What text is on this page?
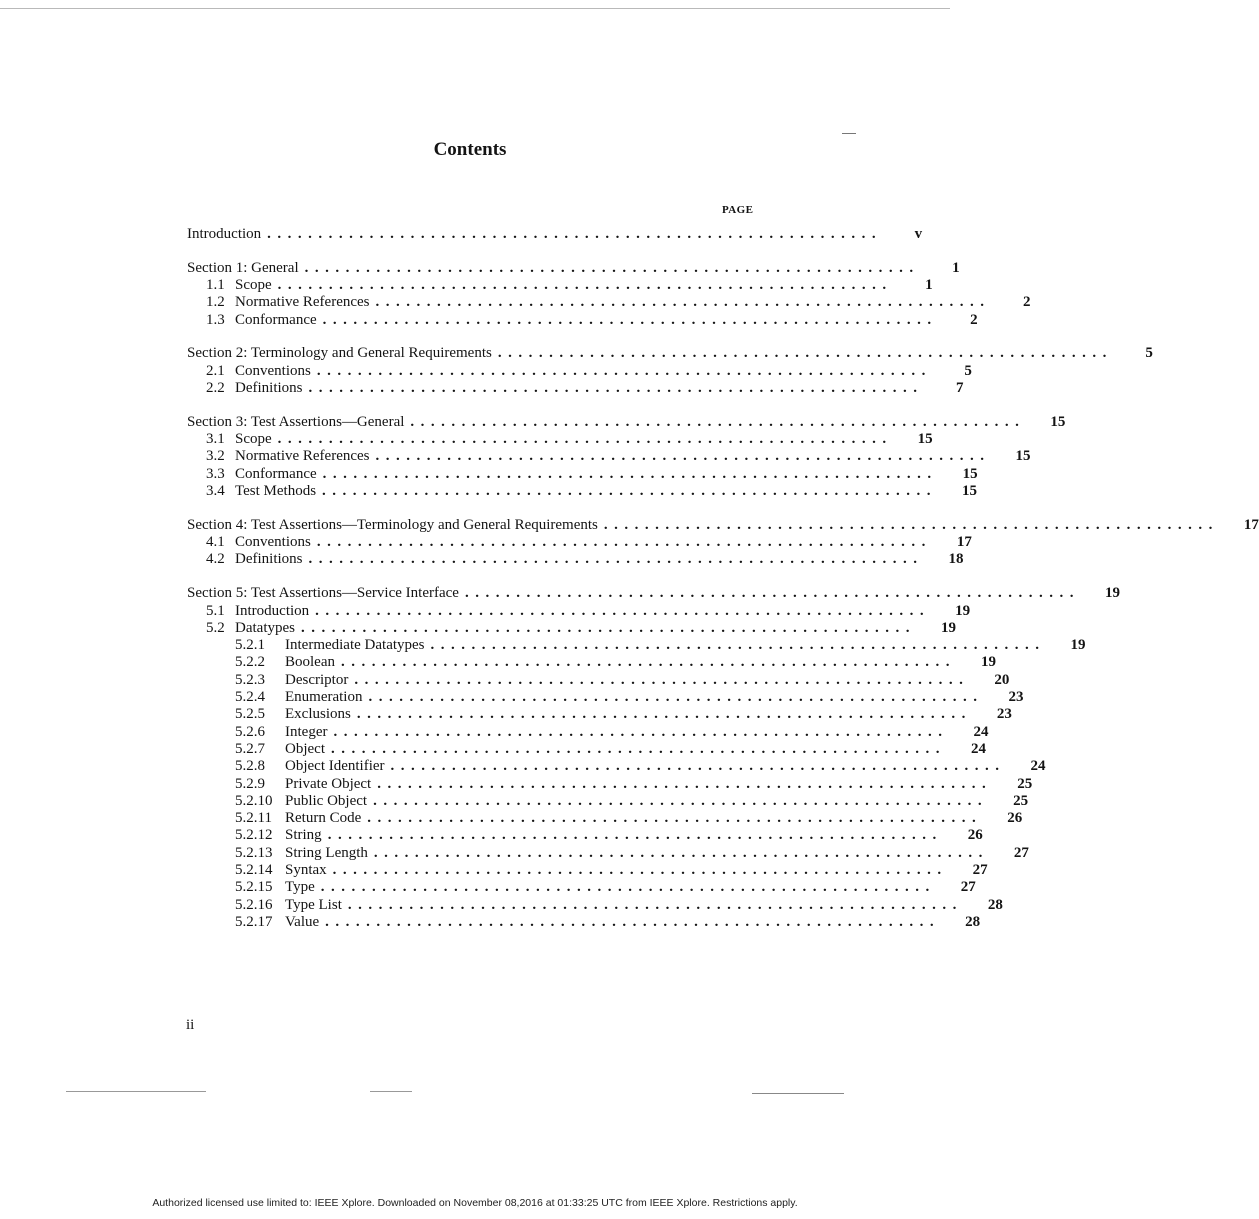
Contents
PAGE
Introduction ............................................................	v
Section 1: General ............................................................	1
1.1 Scope ............................................................	1
1.2 Normative References ............................................................	2
1.3 Conformance ............................................................	2
Section 2: Terminology and General Requirements ............................................................	5
2.1 Conventions ............................................................	5
2.2 Definitions ............................................................	7
Section 3: Test Assertions—General ............................................................	15
3.1 Scope ............................................................	15
3.2 Normative References ............................................................	15
3.3 Conformance ............................................................	15
3.4 Test Methods ............................................................	15
Section 4: Test Assertions—Terminology and General Requirements ............................................................	17
4.1 Conventions ............................................................	17
4.2 Definitions ............................................................	18
Section 5: Test Assertions—Service Interface ............................................................	19
5.1 Introduction ............................................................	19
5.2 Datatypes ............................................................	19
5.2.1	Intermediate Datatypes ............................................................	19
5.2.2	Boolean ............................................................	19
5.2.3	Descriptor ............................................................	20
5.2.4	Enumeration ............................................................	23
5.2.5	Exclusions ............................................................	23
5.2.6	Integer ............................................................	24
5.2.7	Object ............................................................	24
5.2.8	Object Identifier ............................................................	24
5.2.9	Private Object ............................................................	25
5.2.10 Public Object ............................................................	25
5.2.11 Return Code ............................................................	26
5.2.12 String ............................................................	26
5.2.13 String Length ............................................................	27
5.2.14 Syntax ............................................................	27
5.2.15 Type ............................................................	27
5.2.16 Type List ............................................................	28
5.2.17 Value ............................................................	28
ii
Authorized licensed use limited to: IEEE Xplore. Downloaded on November 08,2016 at 01:33:25 UTC from IEEE Xplore. Restrictions apply.
